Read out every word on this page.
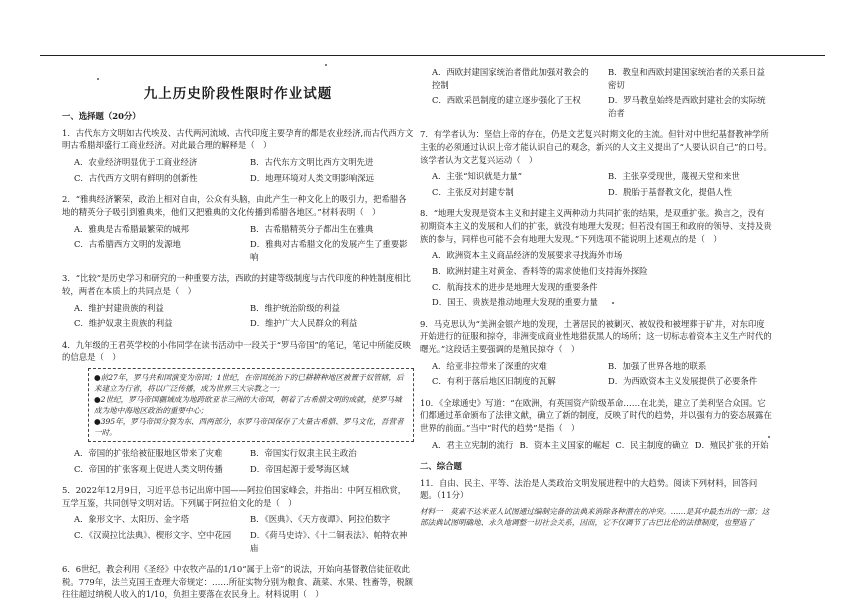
九上历史阶段性限时作业试题
一、选择题（20分）

1．古代东方文明如古代埃及、古代两河流域、古代印度主要孕育的都是农业经济,而古代西方文明古希腊却盛行工商业经济。对此最合理的解释是（　）

A．农业经济明显优于工商业经济	B．古代东方文明比西方文明先进
C．古代西方文明有鲜明的创新性	D．地理环境对人类文明影响深远

2．“雅典经济繁荣，政治上相对自由，公众有头脑，由此产生一种文化上的吸引力，把希腊各地的精英分子吸引到雅典来，他们又把雅典的文化传播到希腊各地区。”材料表明（　）

A．雅典是古希腊最繁荣的城邦	B．古希腊精英分子都出生在雅典
C．古希腊西方文明的发源地	D．雅典对古希腊文化的发展产生了重要影响

3．“比较”是历史学习和研究的一种重要方法，西欧的封建等级制度与古代印度的种姓制度相比较，两者在本质上的共同点是（　）

A．维护封建贵族的利益	B．维护统治阶级的利益
C．维护奴隶主贵族的利益	D．维护广大人民群众的利益

4．九年级的王君英学校的小伟同学在读书活动中一段关于“罗马帝国”的笔记，笔记中所能反映的信息是（　）

●前27年，罗马共和国演变为帝国；1世纪，在帝国统治下的已耕耕种地区被置于奴管辖，后来建立为行省，将以广泛传播，成为世界三大宗教之一；

●2世纪，罗马帝国疆域成为地跨欧亚非三洲的大帝国，朝着了古希腊文明的成就，使罗马城成为地中海地区政治的重要中心；

●395年，罗马帝国分裂为东、西两部分，东罗马帝国保存了大量古希腊、罗马文化，吾营者一时。

A．帝国的扩张给被征服地区带来了灾难	B．帝国实行奴隶主民主政治
C．帝国的扩张客观上促进人类文明传播	D．帝国起源于爱琴海区域

5．2022年12月9日，习近平总书记出席中国——阿拉伯国家峰会，并指出：中阿互相欣赏，互学互鉴，共同创导文明对话。下列属于阿拉伯文化的是（　）

A．象形文字、太阳历、金字塔	B．《医典》、《天方夜谭》、阿拉伯数字
C．《汉谟拉比法典》、楔形文字、空中花园	D．《荷马史诗》、《十二铜表法》、帕特农神庙

6．6世纪，教会利用《圣经》中农牧产品的1/10“属于上帝”的说法，开始向基督教信徒征收此税。779年，法兰克国王查理大帝规定：……所征实物分别为粮食、蔬菜、水果、牲畜等，税额往往超过纳税人收入的1/10，负担主要落在农民身上。材料说明（　）

A．西欧封建国家统治者借此加强对教会的控制
B．教皇和西欧封建国家统治者的关系日益密切
C．西欧采邑制度的建立逐步强化了王权	D．罗马教皇始终是西欧封建社会的实际统治者

7．有学者认为：坚信上帝的存在，仍是文艺复兴时期文化的主流。但针对中世纪基督教神学所主张的必须通过认识上帝才能认识自己的观念，新兴的人文主义提出了“人要认识自己”的口号。该学者认为文艺复兴运动（　）

A．主张“知识就是力量”	B．主张享受现世，蔑视天堂和来世
C．主张反对封建专制	D．脱胎于基督教文化，提倡人性

8．“地理大发现是资本主义和封建主义两种动力共同扩张的结果，是双重扩张。换言之，没有初期资本主义的发展和人们的扩张，就没有地理大发现；但若没有国王和政府的领导、支持及贵族的参与，同样也可能不会有地理大发现。”下列选项不能说明上述观点的是（　）

A．欧洲资本主义商品经济的发展要求寻找海外市场
B．欧洲封建主对黄金、香料等的需求使他们支持海外探险
C．航海技术的进步是地理大发现的重要条件
D．国王、贵族是推动地理大发现的重要力量

9．马克思认为“美洲金银产地的发现，土著居民的被剿灭、被奴役和被埋葬于矿井，对东印度开始进行的征服和掠夺，非洲变成商业性地猎获黑人的场所；这一切标志着资本主义生产时代的曙光。”这段话主要强调的是殖民掠夺（　）

A．给亚非拉带来了深重的灾难	B．加强了世界各地的联系
C．有利于落后地区旧制度的瓦解	D．为西欧资本主义发展提供了必要条件

10．《全球通史》写道：“在欧洲，有英国资产阶级革命……在北美，建立了美利坚合众国。它们都通过革命颁布了法律文献，确立了新的制度，反映了时代的趋势，并以强有力的姿态展露在世界的前面。”当中“时代的趋势”是指（　）

A．君主立宪制的流行 B．资本主义国家的崛起 C．民主制度的确立 D．殖民扩张的开始
二、综合题

11．自由、民主、平等、法治是人类政治文明发展进程中的大趋势。阅读下列材料，回答问题。（11分）

材料一　莫索不达米亚人试图通过编制完备的法典来消除各种潜在的冲突。……是其中最杰出的一部；这部法典试图明确地、永久地调整一切社会关系，因而，它不仅调节了古巴比伦的法律制度，也塑造了
